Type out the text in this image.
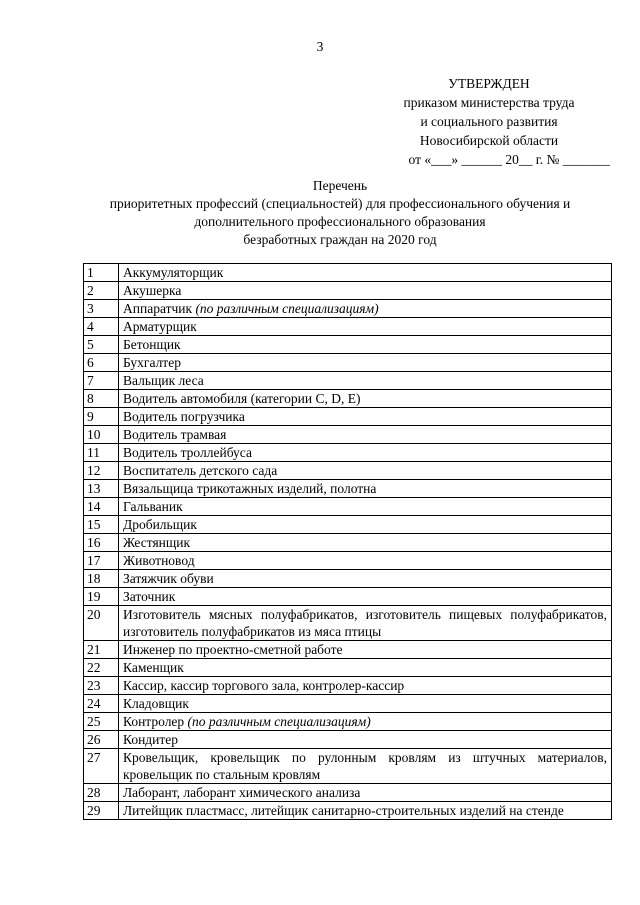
3
УТВЕРЖДЕН
приказом министерства труда
и социального развития
Новосибирской области
от «___» ______ 20__ г. № _______
Перечень
приоритетных профессий (специальностей) для профессионального обучения и
дополнительного профессионального образования
безработных граждан на 2020 год
1	Аккумуляторщик
2	Акушерка
3	Аппаратчик (по различным специализациям)
4	Арматурщик
5	Бетонщик
6	Бухгалтер
7	Вальщик леса
8	Водитель автомобиля (категории С, D, Е)
9	Водитель погрузчика
10	Водитель трамвая
11	Водитель троллейбуса
12	Воспитатель детского сада
13	Вязальщица трикотажных изделий, полотна
14	Гальваник
15	Дробильщик
16	Жестянщик
17	Животновод
18	Затяжчик обуви
19	Заточник
20	Изготовитель мясных полуфабрикатов, изготовитель пищевых полуфабрикатов, изготовитель полуфабрикатов из мяса птицы
21	Инженер по проектно-сметной работе
22	Каменщик
23	Кассир, кассир торгового зала, контролер-кассир
24	Кладовщик
25	Контролер (по различным специализациям)
26	Кондитер
27	Кровельщик, кровельщик по рулонным кровлям из штучных материалов, кровельщик по стальным кровлям
28	Лаборант, лаборант химического анализа
29	Литейщик пластмасс, литейщик санитарно-строительных изделий на стенде
